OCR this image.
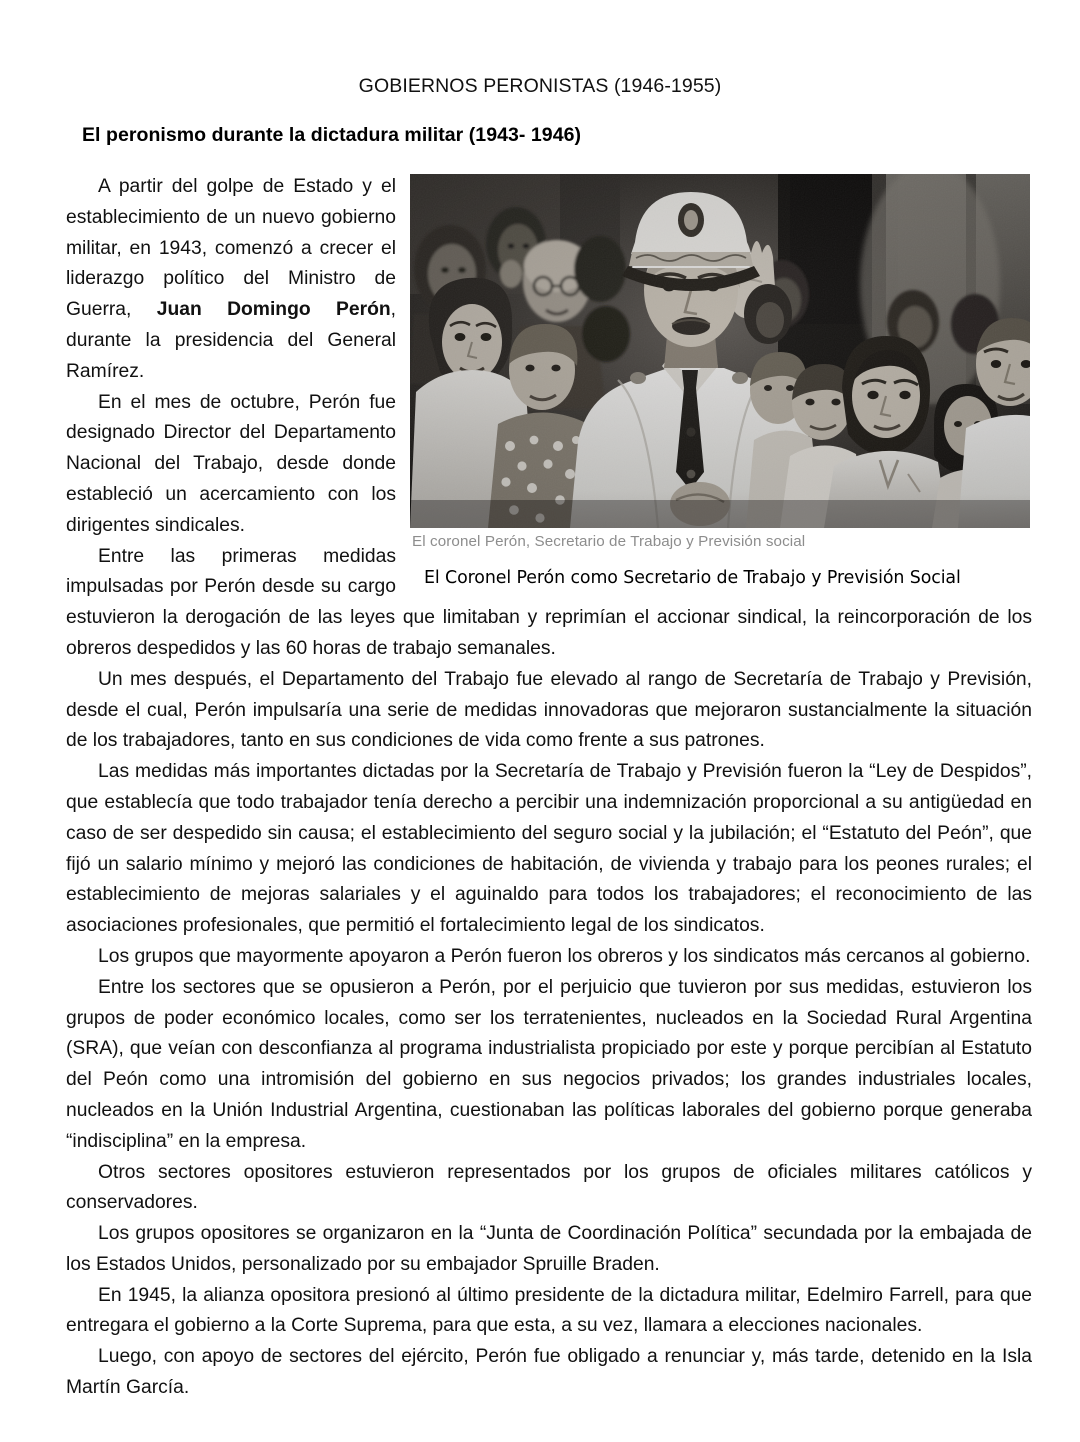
GOBIERNOS PERONISTAS (1946-1955)
El peronismo durante la dictadura militar (1943- 1946)
El coronel Perón, Secretario de Trabajo y Previsión social
El Coronel Perón como Secretario de Trabajo y Previsión Social

A partir del golpe de Estado y el establecimiento de un nuevo gobierno militar, en 1943, comenzó a crecer el liderazgo político del Ministro de Guerra, Juan Domingo Perón, durante la presidencia del General Ramírez.

En el mes de octubre, Perón fue designado Director del Departamento Nacional del Trabajo, desde donde estableció un acercamiento con los dirigentes sindicales.

Entre las primeras medidas impulsadas por Perón desde su cargo estuvieron la derogación de las leyes que limitaban y reprimían el accionar sindical, la reincorporación de los obreros despedidos y las 60 horas de trabajo semanales.

Un mes después, el Departamento del Trabajo fue elevado al rango de Secretaría de Trabajo y Previsión, desde el cual, Perón impulsaría una serie de medidas innovadoras que mejoraron sustancialmente la situación de los trabajadores, tanto en sus condiciones de vida como frente a sus patrones.

Las medidas más importantes dictadas por la Secretaría de Trabajo y Previsión fueron la “Ley de Despidos”, que establecía que todo trabajador tenía derecho a percibir una indemnización proporcional a su antigüedad en caso de ser despedido sin causa; el establecimiento del seguro social y la jubilación; el “Estatuto del Peón”, que fijó un salario mínimo y mejoró las condiciones de habitación, de vivienda y trabajo para los peones rurales; el establecimiento de mejoras salariales y el aguinaldo para todos los trabajadores; el reconocimiento de las asociaciones profesionales, que permitió el fortalecimiento legal de los sindicatos.

Los grupos que mayormente apoyaron a Perón fueron los obreros y los sindicatos más cercanos al gobierno.

Entre los sectores que se opusieron a Perón, por el perjuicio que tuvieron por sus medidas, estuvieron los grupos de poder económico locales, como ser los terratenientes, nucleados en la Sociedad Rural Argentina (SRA), que veían con desconfianza al programa industrialista propiciado por este y porque percibían al Estatuto del Peón como una intromisión del gobierno en sus negocios privados; los grandes industriales locales, nucleados en la Unión Industrial Argentina, cuestionaban las políticas laborales del gobierno porque generaba “indisciplina” en la empresa.

Otros sectores opositores estuvieron representados por los grupos de oficiales militares católicos y conservadores.

Los grupos opositores se organizaron en la “Junta de Coordinación Política” secundada por la embajada de los Estados Unidos, personalizado por su embajador Spruille Braden.

En 1945, la alianza opositora presionó al último presidente de la dictadura militar, Edelmiro Farrell, para que entregara el gobierno a la Corte Suprema, para que esta, a su vez, llamara a elecciones nacionales.

Luego, con apoyo de sectores del ejército, Perón fue obligado a renunciar y, más tarde, detenido en la Isla Martín García.
